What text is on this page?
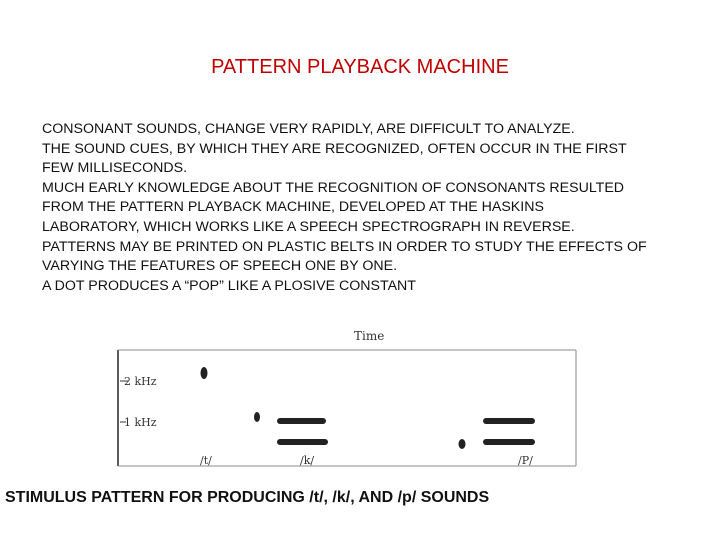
PATTERN PLAYBACK MACHINE
CONSONANT SOUNDS, CHANGE VERY RAPIDLY, ARE DIFFICULT TO ANALYZE.
THE SOUND CUES, BY WHICH THEY ARE RECOGNIZED, OFTEN OCCUR IN THE FIRST
FEW MILLISECONDS.
MUCH EARLY KNOWLEDGE ABOUT THE RECOGNITION OF CONSONANTS RESULTED
FROM THE PATTERN PLAYBACK MACHINE, DEVELOPED AT THE HASKINS
LABORATORY, WHICH WORKS LIKE A SPEECH SPECTROGRAPH IN REVERSE.
PATTERNS MAY BE PRINTED ON PLASTIC BELTS IN ORDER TO STUDY THE EFFECTS OF
VARYING THE FEATURES OF SPEECH ONE BY ONE.
A DOT PRODUCES A “POP” LIKE A PLOSIVE CONSTANT
Time
2 kHz
1 kHz
/t/	/k/	/P/
STIMULUS PATTERN FOR PRODUCING /t/, /k/, AND /p/ SOUNDS
